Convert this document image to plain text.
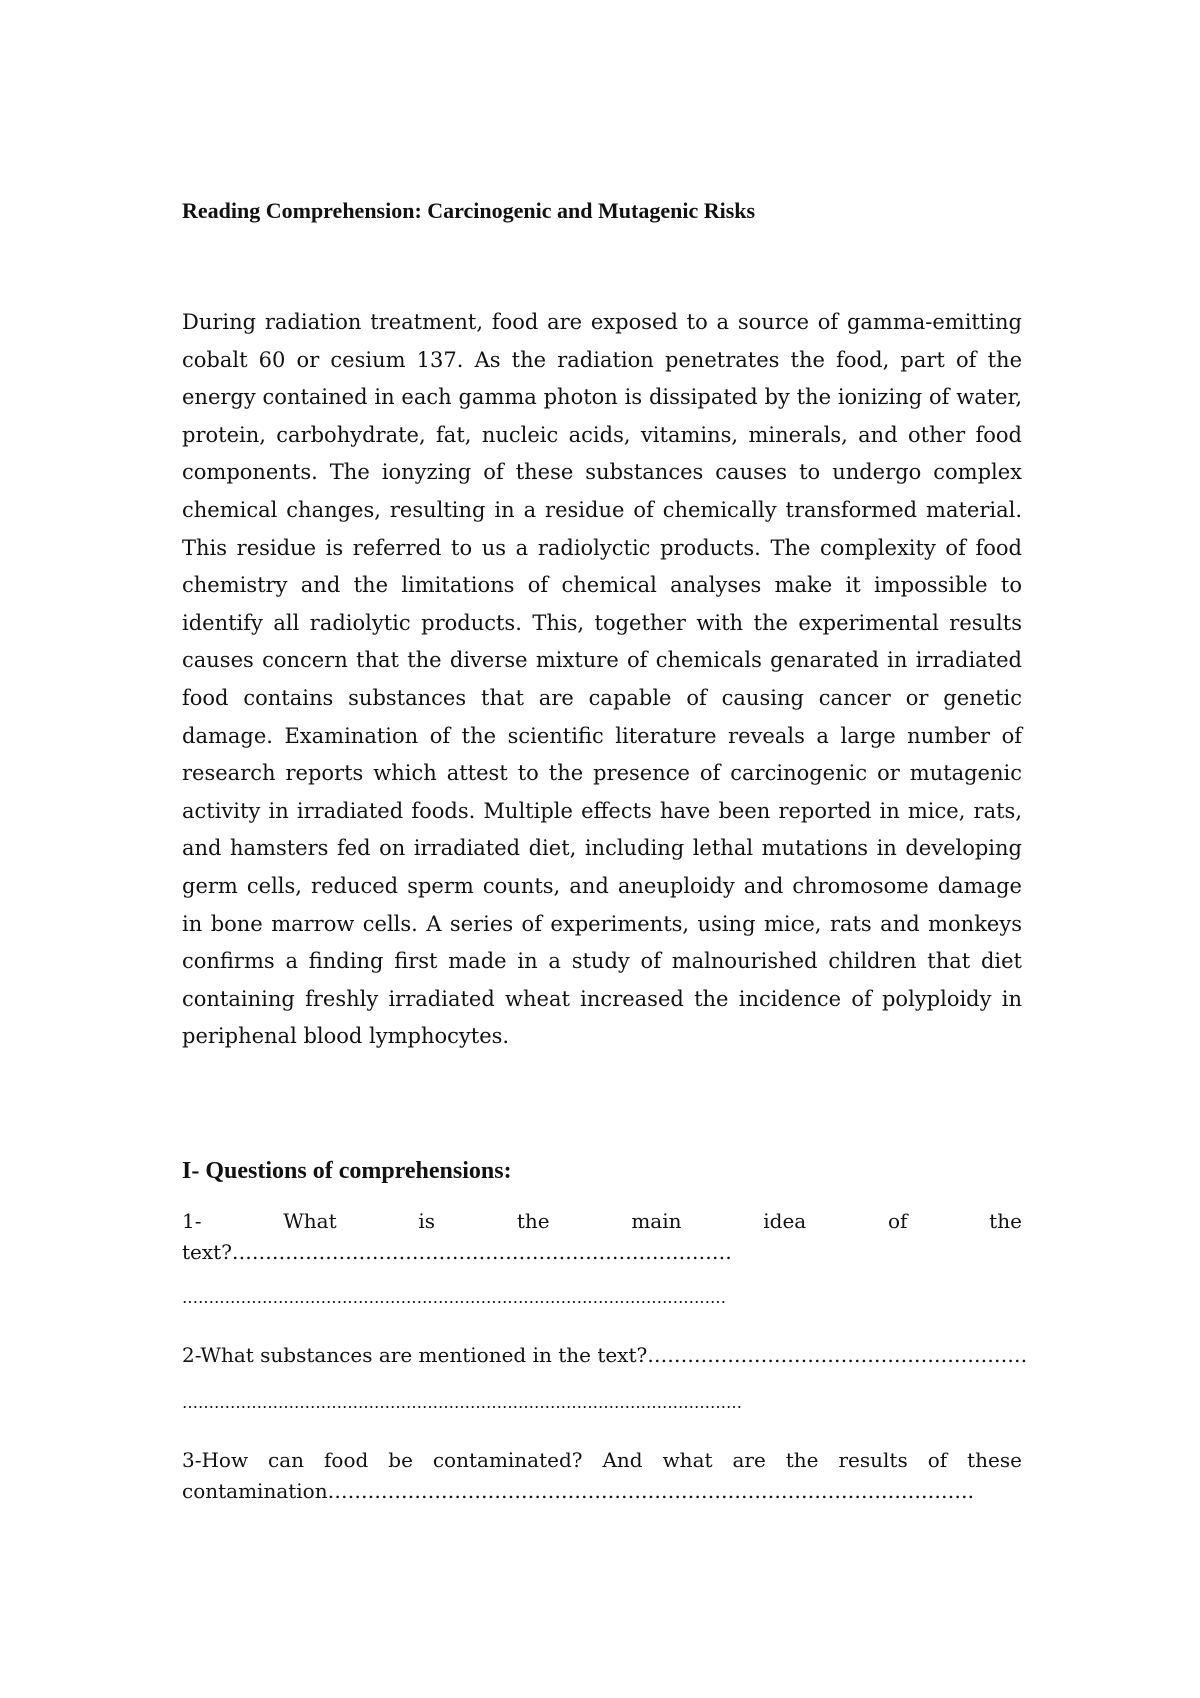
Reading Comprehension: Carcinogenic and Mutagenic Risks

During radiation treatment, food are exposed to a source of gamma-emitting cobalt 60 or cesium 137. As the radiation penetrates the food, part of the energy contained in each gamma photon is dissipated by the ionizing of water, protein, carbohydrate, fat, nucleic acids, vitamins, minerals, and other food components. The ionyzing of these substances causes to undergo complex chemical changes, resulting in a residue of chemically transformed material. This residue is referred to us a radiolyctic products. The complexity of food chemistry and the limitations of chemical analyses make it impossible to identify all radiolytic products. This, together with the experimental results causes concern that the diverse mixture of chemicals genarated in irradiated food contains substances that are capable of causing cancer or genetic damage. Examination of the scientific literature reveals a large number of research reports which attest to the presence of carcinogenic or mutagenic activity in irradiated foods. Multiple effects have been reported in mice, rats, and hamsters fed on irradiated diet, including lethal mutations in developing germ cells, reduced sperm counts, and aneuploidy and chromosome damage in bone marrow cells. A series of experiments, using mice, rats and monkeys confirms a finding first made in a study of malnourished children that diet containing freshly irradiated wheat increased the incidence of polyploidy in periphenal blood lymphocytes.

I- Questions of comprehensions:
1-	What	is	the	main	idea	of	the
text?…………………………………………………………………
…………………………………………………………………………………………
2-What substances are mentioned in the text?…………………………………………………
……………………………………………………………………………………………
3-How can food be contaminated? And what are the results of these
contamination…………………………………………………………………………………….
